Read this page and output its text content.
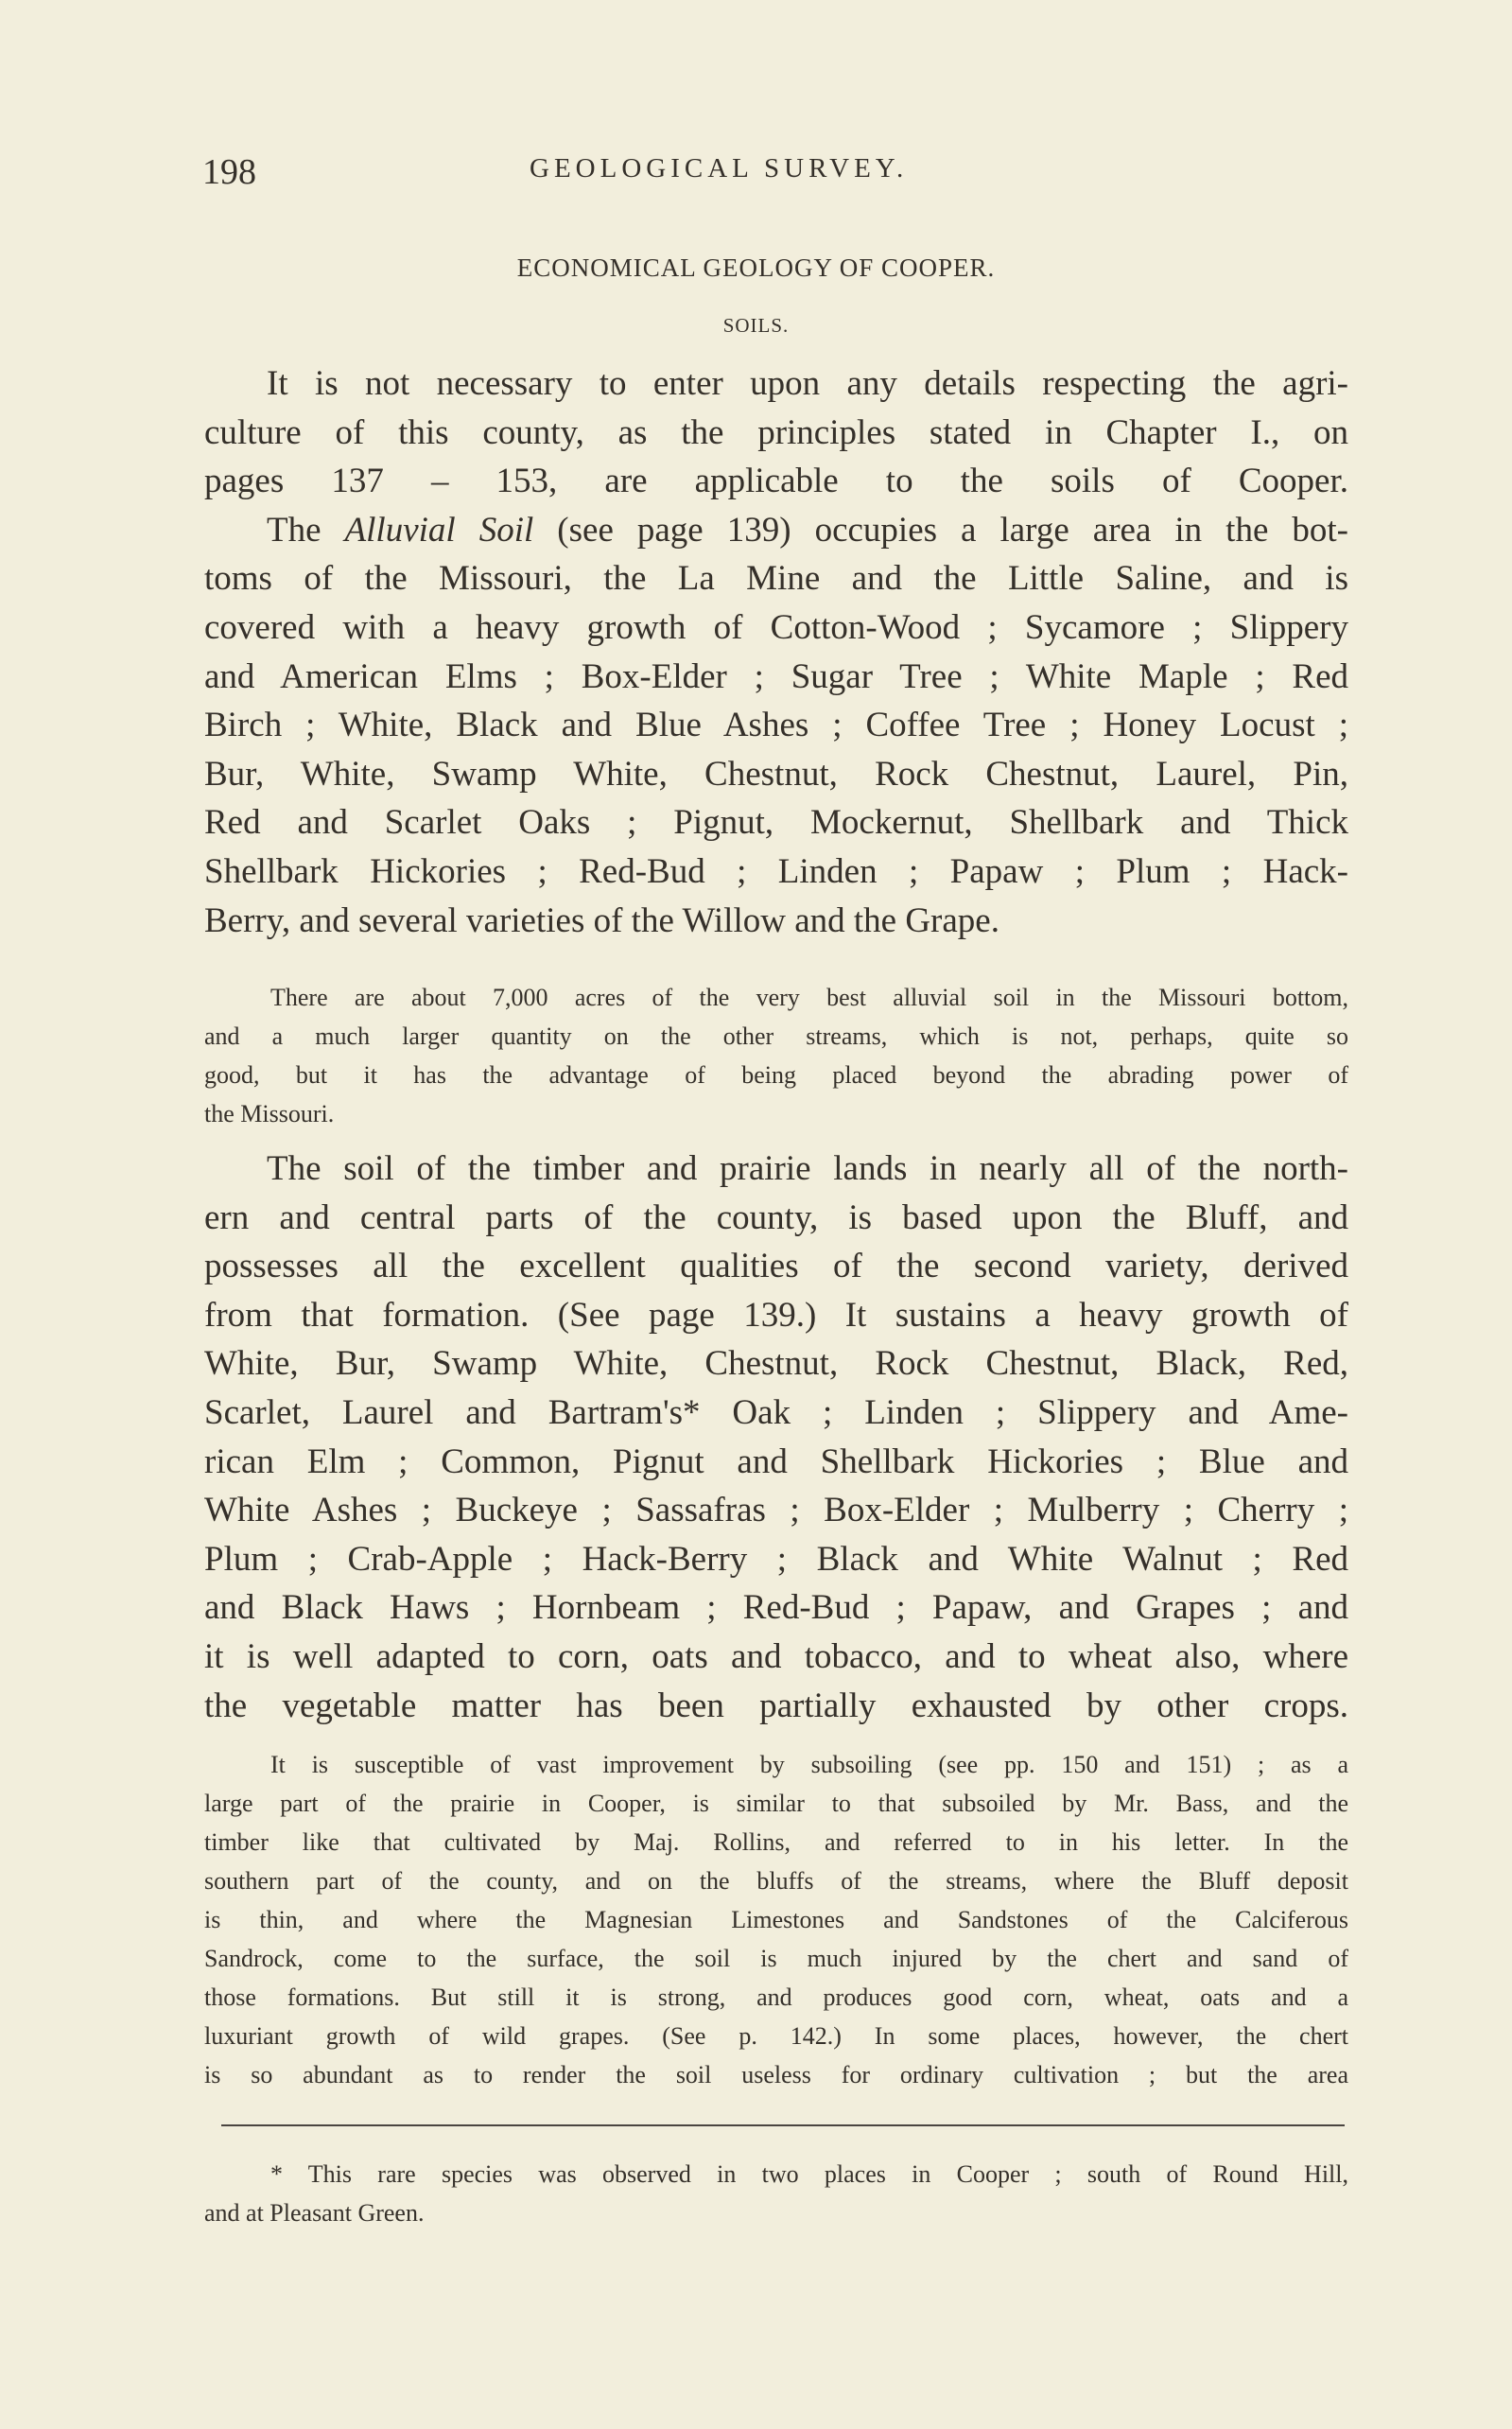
198	GEOLOGICAL SURVEY.
ECONOMICAL GEOLOGY OF COOPER.
SOILS.
It is not necessary to enter upon any details respecting the agri-
culture of this county, as the principles stated in Chapter I., on
pages 137 – 153, are applicable to the soils of Cooper.
The Alluvial Soil (see page 139) occupies a large area in the bot-
toms of the Missouri, the La Mine and the Little Saline, and is
covered with a heavy growth of Cotton-Wood ; Sycamore ; Slippery
and American Elms ; Box-Elder ; Sugar Tree ; White Maple ; Red
Birch ; White, Black and Blue Ashes ; Coffee Tree ; Honey Locust ;
Bur, White, Swamp White, Chestnut, Rock Chestnut, Laurel, Pin,
Red and Scarlet Oaks ; Pignut, Mockernut, Shellbark and Thick
Shellbark Hickories ; Red-Bud ; Linden ; Papaw ; Plum ; Hack-
Berry, and several varieties of the Willow and the Grape.
There are about 7,000 acres of the very best alluvial soil in the Missouri bottom,
and a much larger quantity on the other streams, which is not, perhaps, quite so
good, but it has the advantage of being placed beyond the abrading power of
the Missouri.
The soil of the timber and prairie lands in nearly all of the north-
ern and central parts of the county, is based upon the Bluff, and
possesses all the excellent qualities of the second variety, derived
from that formation. (See page 139.) It sustains a heavy growth of
White, Bur, Swamp White, Chestnut, Rock Chestnut, Black, Red,
Scarlet, Laurel and Bartram's* Oak ; Linden ; Slippery and Ame-
rican Elm ; Common, Pignut and Shellbark Hickories ; Blue and
White Ashes ; Buckeye ; Sassafras ; Box-Elder ; Mulberry ; Cherry ;
Plum ; Crab-Apple ; Hack-Berry ; Black and White Walnut ; Red
and Black Haws ; Hornbeam ; Red-Bud ; Papaw, and Grapes ; and
it is well adapted to corn, oats and tobacco, and to wheat also, where
the vegetable matter has been partially exhausted by other crops.
It is susceptible of vast improvement by subsoiling (see pp. 150 and 151) ; as a
large part of the prairie in Cooper, is similar to that subsoiled by Mr. Bass, and the
timber like that cultivated by Maj. Rollins, and referred to in his letter. In the
southern part of the county, and on the bluffs of the streams, where the Bluff deposit
is thin, and where the Magnesian Limestones and Sandstones of the Calciferous
Sandrock, come to the surface, the soil is much injured by the chert and sand of
those formations. But still it is strong, and produces good corn, wheat, oats and a
luxuriant growth of wild grapes. (See p. 142.) In some places, however, the chert
is so abundant as to render the soil useless for ordinary cultivation ; but the area
* This rare species was observed in two places in Cooper ; south of Round Hill,
and at Pleasant Green.
